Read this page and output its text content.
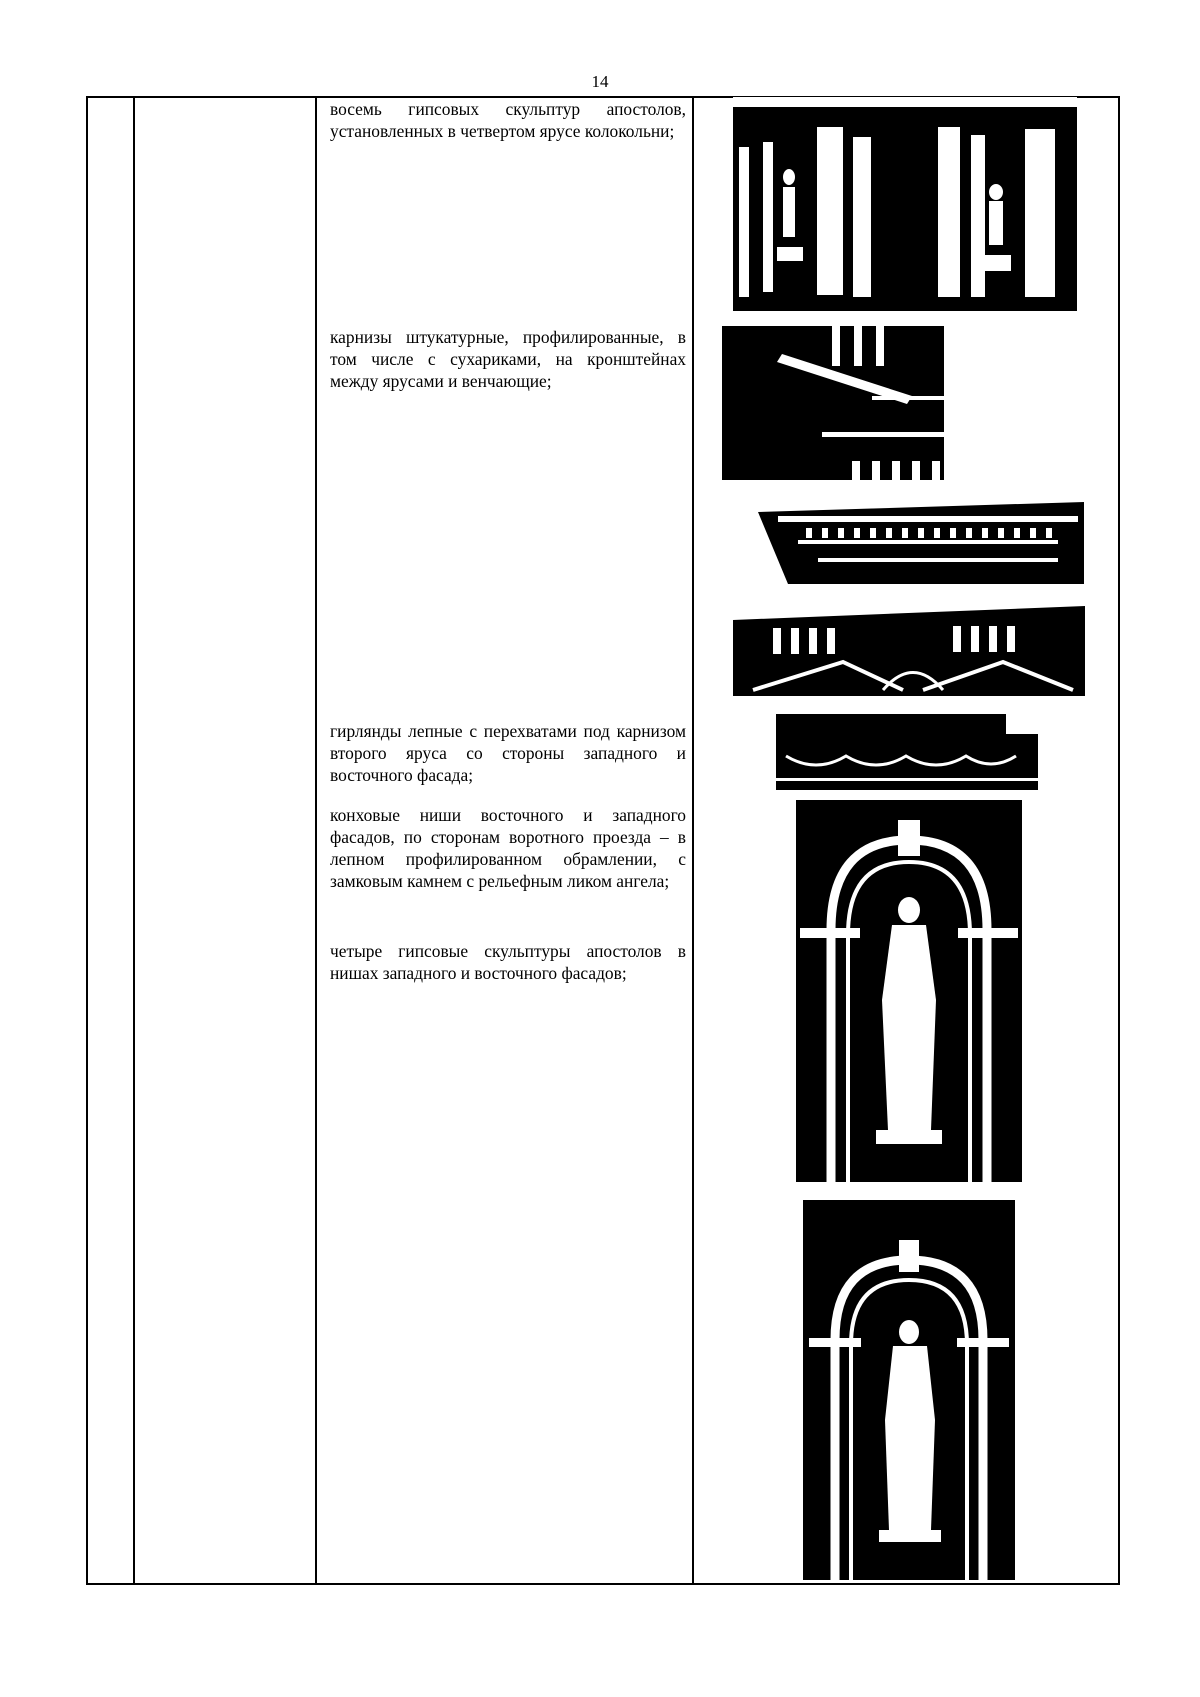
14

восемь гипсовых скульптур апостолов, установленных в четвертом ярусе колокольни;

карнизы штукатурные, профилированные, в том числе с сухариками, на кронштейнах между ярусами и венчающие;

гирлянды лепные с перехватами под карнизом второго яруса со стороны западного и восточного фасада;

конховые ниши восточного и западного фасадов, по сторонам воротного проезда – в лепном профилированном обрамлении, с замковым камнем с рельефным ликом ангела;

четыре гипсовые скульптуры апостолов в нишах западного и восточного фасадов;
